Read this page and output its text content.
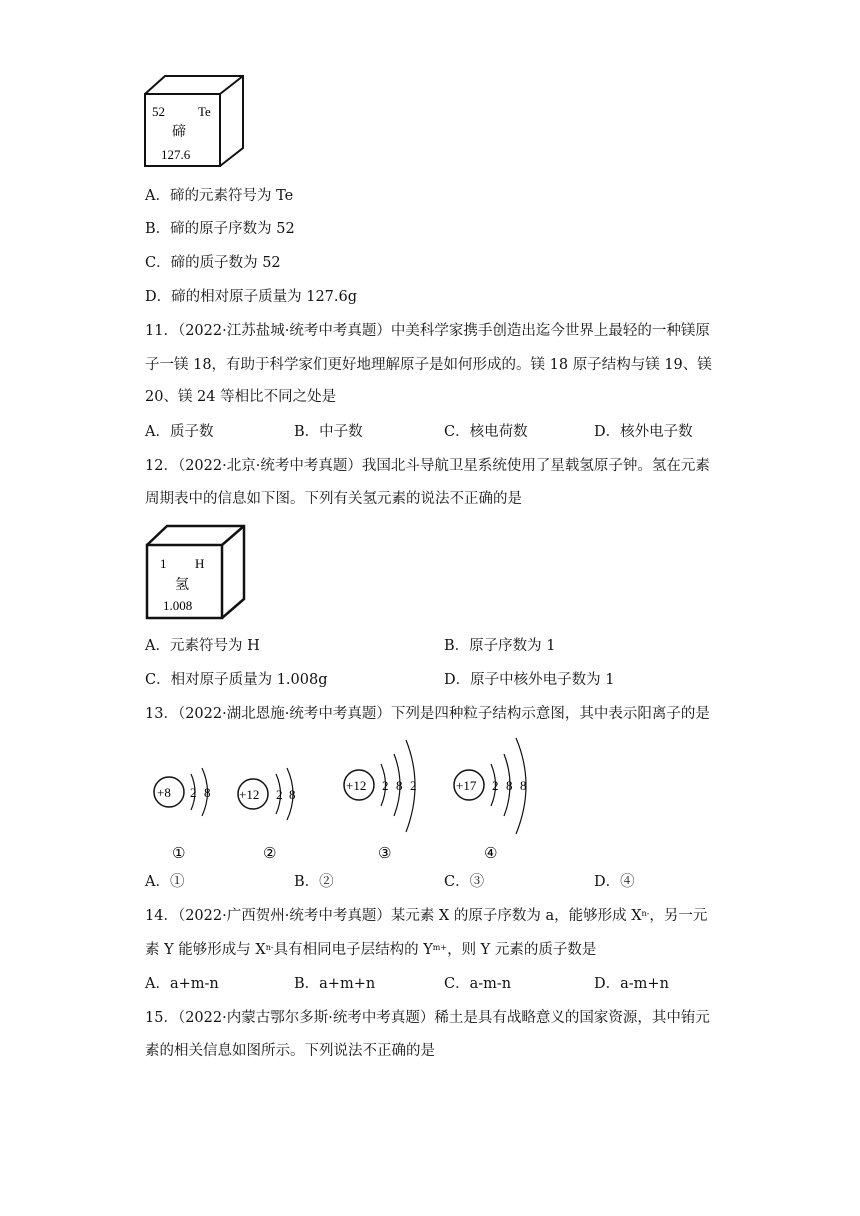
52	Te
碲
127.6
A．碲的元素符号为 Te
B．碲的原子序数为 52
C．碲的质子数为 52
D．碲的相对原子质量为 127.6g
11．（2022·江苏盐城·统考中考真题）中美科学家携手创造出迄今世界上最轻的一种镁原
子一镁 18，有助于科学家们更好地理解原子是如何形成的。镁 18 原子结构与镁 19、镁
20、镁 24 等相比不同之处是
A．质子数	B．中子数	C．核电荷数	D．核外电子数
12．（2022·北京·统考中考真题）我国北斗导航卫星系统使用了星载氢原子钟。氢在元素
周期表中的信息如下图。下列有关氢元素的说法不正确的是
1 H
氢
1.008
A．元素符号为 H	B．原子序数为 1
C．相对原子质量为 1.008g	D．原子中核外电子数为 1
13．（2022·湖北恩施·统考中考真题）下列是四种粒子结构示意图，其中表示阳离子的是
+8 2 8
①
+12 2 8
②
+12 2 8 2
③
+17 2 8 8
④
A．①	B．②	C．③	D．④
14．（2022·广西贺州·统考中考真题）某元素 X 的原子序数为 a，能够形成 $X^{n-}$，另一元
素 Y 能够形成与 $X^{n-}$具有相同电子层结构的 $Y^{m+}$，则 Y 元素的质子数是
A．a+m-n	B．a+m+n	C．a-m-n	D．a-m+n
15．（2022·内蒙古鄂尔多斯·统考中考真题）稀土是具有战略意义的国家资源，其中铕元
素的相关信息如图所示。下列说法不正确的是
